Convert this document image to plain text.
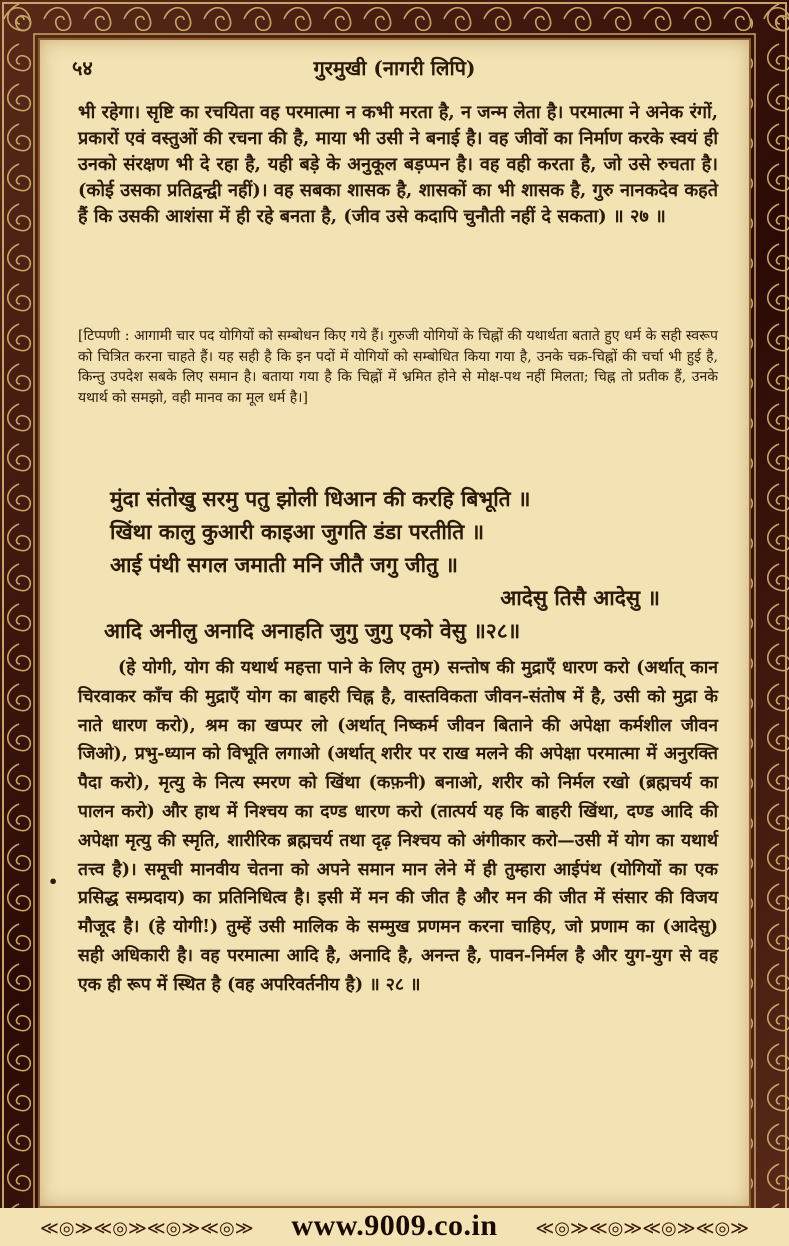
५४	गुरमुखी (नागरी लिपि)

भी रहेगा। सृष्टि का रचयिता वह परमात्मा न कभी मरता है, न जन्म लेता है। परमात्मा ने अनेक रंगों, प्रकारों एवं वस्तुओं की रचना की है, माया भी उसी ने बनाई है। वह जीवों का निर्माण करके स्वयं ही उनको संरक्षण भी दे रहा है, यही बड़े के अनुकूल बड़प्पन है। वह वही करता है, जो उसे रुचता है। (कोई उसका प्रतिद्वन्द्वी नहीं)। वह सबका शासक है, शासकों का भी शासक है, गुरु नानकदेव कहते हैं कि उसकी आशंसा में ही रहे बनता है, (जीव उसे कदापि चुनौती नहीं दे सकता) ॥ २७ ॥

[टिप्पणी : आगामी चार पद योगियों को सम्बोधन किए गये हैं। गुरुजी योगियों के चिह्नों की यथार्थता बताते हुए धर्म के सही स्वरूप को चित्रित करना चाहते हैं। यह सही है कि इन पदों में योगियों को सम्बोधित किया गया है, उनके चक्र-चिह्नों की चर्चा भी हुई है, किन्तु उपदेश सबके लिए समान है। बताया गया है कि चिह्नों में भ्रमित होने से मोक्ष-पथ नहीं मिलता; चिह्न तो प्रतीक हैं, उनके यथार्थ को समझो, वही मानव का मूल धर्म है।]

मुंदा संतोखु सरमु पतु झोली धिआन की करहि बिभूति ॥
खिंथा कालु कुआरी काइआ जुगति डंडा परतीति ॥
आई पंथी सगल जमाती मनि जीतै जगु जीतु ॥
आदेसु तिसै आदेसु ॥
आदि अनीलु अनादि अनाहति जुगु जुगु एको वेसु ॥२८॥

(हे योगी, योग की यथार्थ महत्ता पाने के लिए तुम) सन्तोष की मुद्राएँ धारण करो (अर्थात् कान चिरवाकर काँच की मुद्राएँ योग का बाहरी चिह्न है, वास्तविकता जीवन-संतोष में है, उसी को मुद्रा के नाते धारण करो), श्रम का खप्पर लो (अर्थात् निष्कर्म जीवन बिताने की अपेक्षा कर्मशील जीवन जिओ), प्रभु-ध्यान को विभूति लगाओ (अर्थात् शरीर पर राख मलने की अपेक्षा परमात्मा में अनुरक्ति पैदा करो), मृत्यु के नित्य स्मरण को खिंथा (कफ़नी) बनाओ, शरीर को निर्मल रखो (ब्रह्मचर्य का पालन करो) और हाथ में निश्चय का दण्ड धारण करो (तात्पर्य यह कि बाहरी खिंथा, दण्ड आदि की अपेक्षा मृत्यु की स्मृति, शारीरिक ब्रह्मचर्य तथा दृढ़ निश्चय को अंगीकार करो—उसी में योग का यथार्थ तत्त्व है)। समूची मानवीय चेतना को अपने समान मान लेने में ही तुम्हारा आईपंथ (योगियों का एक प्रसिद्ध सम्प्रदाय) का प्रतिनिधित्व है। इसी में मन की जीत है और मन की जीत में संसार की विजय मौजूद है। (हे योगी!) तुम्हें उसी मालिक के सम्मुख प्रणमन करना चाहिए, जो प्रणाम का (आदेसु) सही अधिकारी है। वह परमात्मा आदि है, अनादि है, अनन्त है, पावन-निर्मल है और युग-युग से वह एक ही रूप में स्थित है (वह अपरिवर्तनीय है) ॥ २८ ॥

•
≪◎≫≪◎≫≪◎≫≪◎≫	www.9009.co.in	≪◎≫≪◎≫≪◎≫≪◎≫
